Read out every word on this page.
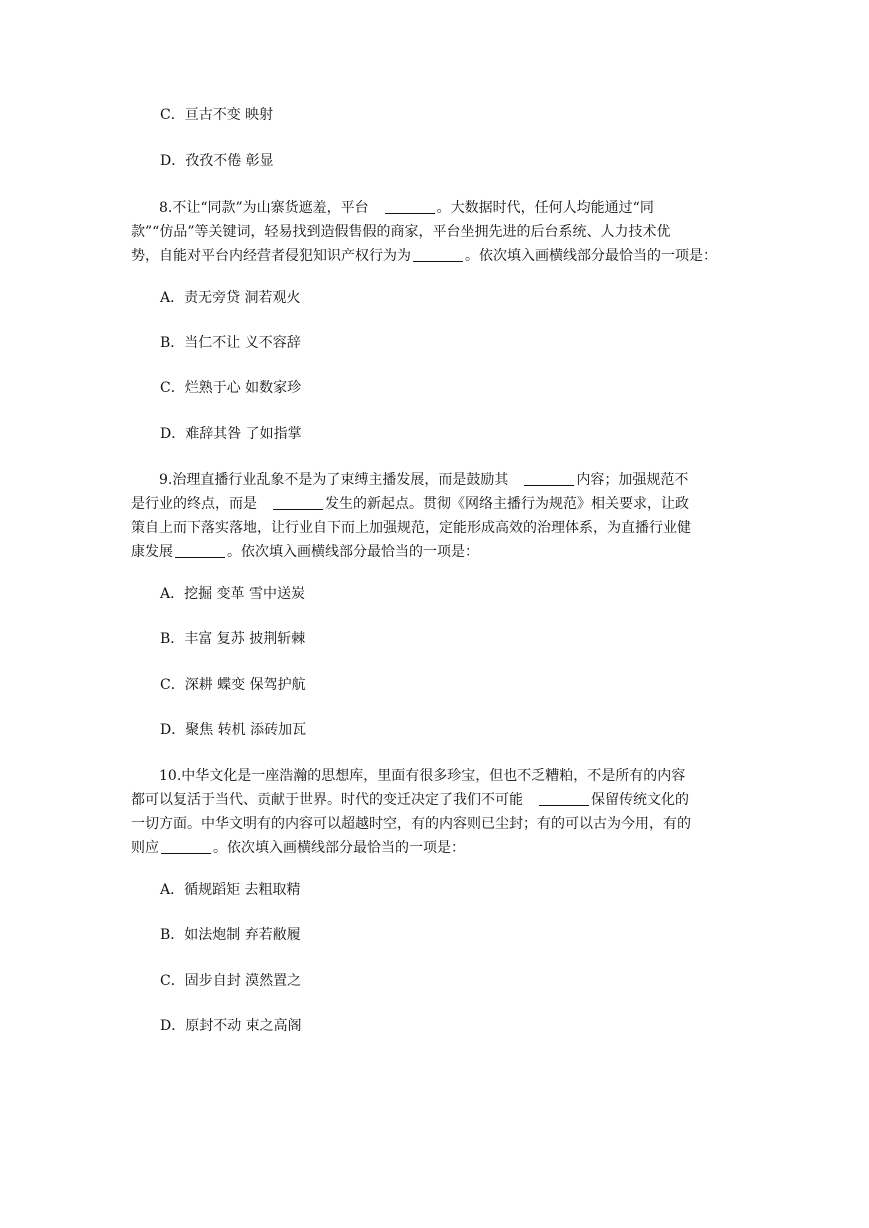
C．亘古不变 映射
D．孜孜不倦 彰显
8.不让“同款”为山寨货遮羞，平台	。大数据时代，任何人均能通过“同
款”“仿品”等关键词，轻易找到造假售假的商家，平台坐拥先进的后台系统、人力技术优
势，自能对平台内经营者侵犯知识产权行为为	。依次填入画横线部分最恰当的一项是：
A．责无旁贷 洞若观火
B．当仁不让 义不容辞
C．烂熟于心 如数家珍
D．难辞其咎 了如指掌
9.治理直播行业乱象不是为了束缚主播发展，而是鼓励其	内容；加强规范不
是行业的终点，而是	发生的新起点。贯彻《网络主播行为规范》相关要求，让政
策自上而下落实落地，让行业自下而上加强规范，定能形成高效的治理体系，为直播行业健
康发展	。依次填入画横线部分最恰当的一项是：
A．挖掘 变革 雪中送炭
B．丰富 复苏 披荆斩棘
C．深耕 蝶变 保驾护航
D．聚焦 转机 添砖加瓦
10.中华文化是一座浩瀚的思想库，里面有很多珍宝，但也不乏糟粕，不是所有的内容
都可以复活于当代、贡献于世界。时代的变迁决定了我们不可能	保留传统文化的
一切方面。中华文明有的内容可以超越时空，有的内容则已尘封；有的可以古为今用，有的
则应	。依次填入画横线部分最恰当的一项是：
A．循规蹈矩 去粗取精
B．如法炮制 弃若敝履
C．固步自封 漠然置之
D．原封不动 束之高阁
